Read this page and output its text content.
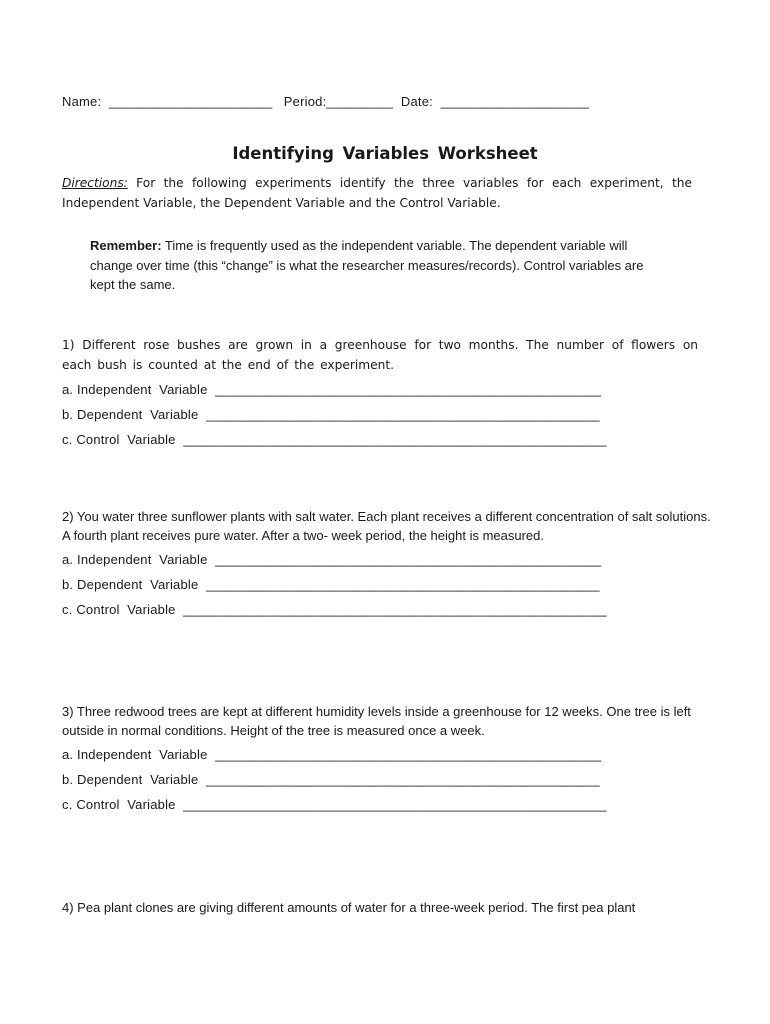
Name:  ______________________   Period:_________  Date:  ____________________
Identifying Variables Worksheet
Directions: For the following experiments identify the three variables for each experiment, the Independent Variable, the Dependent Variable and the Control Variable.
Remember: Time is frequently used as the independent variable. The dependent variable will change over time (this “change” is what the researcher measures/records). Control variables are kept the same.
1) Different rose bushes are grown in a greenhouse for two months. The number of flowers on each bush is counted at the end of the experiment.
a. Independent  Variable  ____________________________________________________
b. Dependent  Variable  _____________________________________________________
c. Control  Variable  _________________________________________________________
2) You water three sunflower plants with salt water. Each plant receives a different concentration of salt solutions. A fourth plant receives pure water. After a two- week period, the height is measured.
a. Independent  Variable  ____________________________________________________
b. Dependent  Variable  _____________________________________________________
c. Control  Variable  _________________________________________________________
3) Three redwood trees are kept at different humidity levels inside a greenhouse for 12 weeks. One tree is left outside in normal conditions. Height of the tree is measured once a week.
a. Independent  Variable  ____________________________________________________
b. Dependent  Variable  _____________________________________________________
c. Control  Variable  _________________________________________________________
4) Pea plant clones are giving different amounts of water for a three-week period. The first pea plant
